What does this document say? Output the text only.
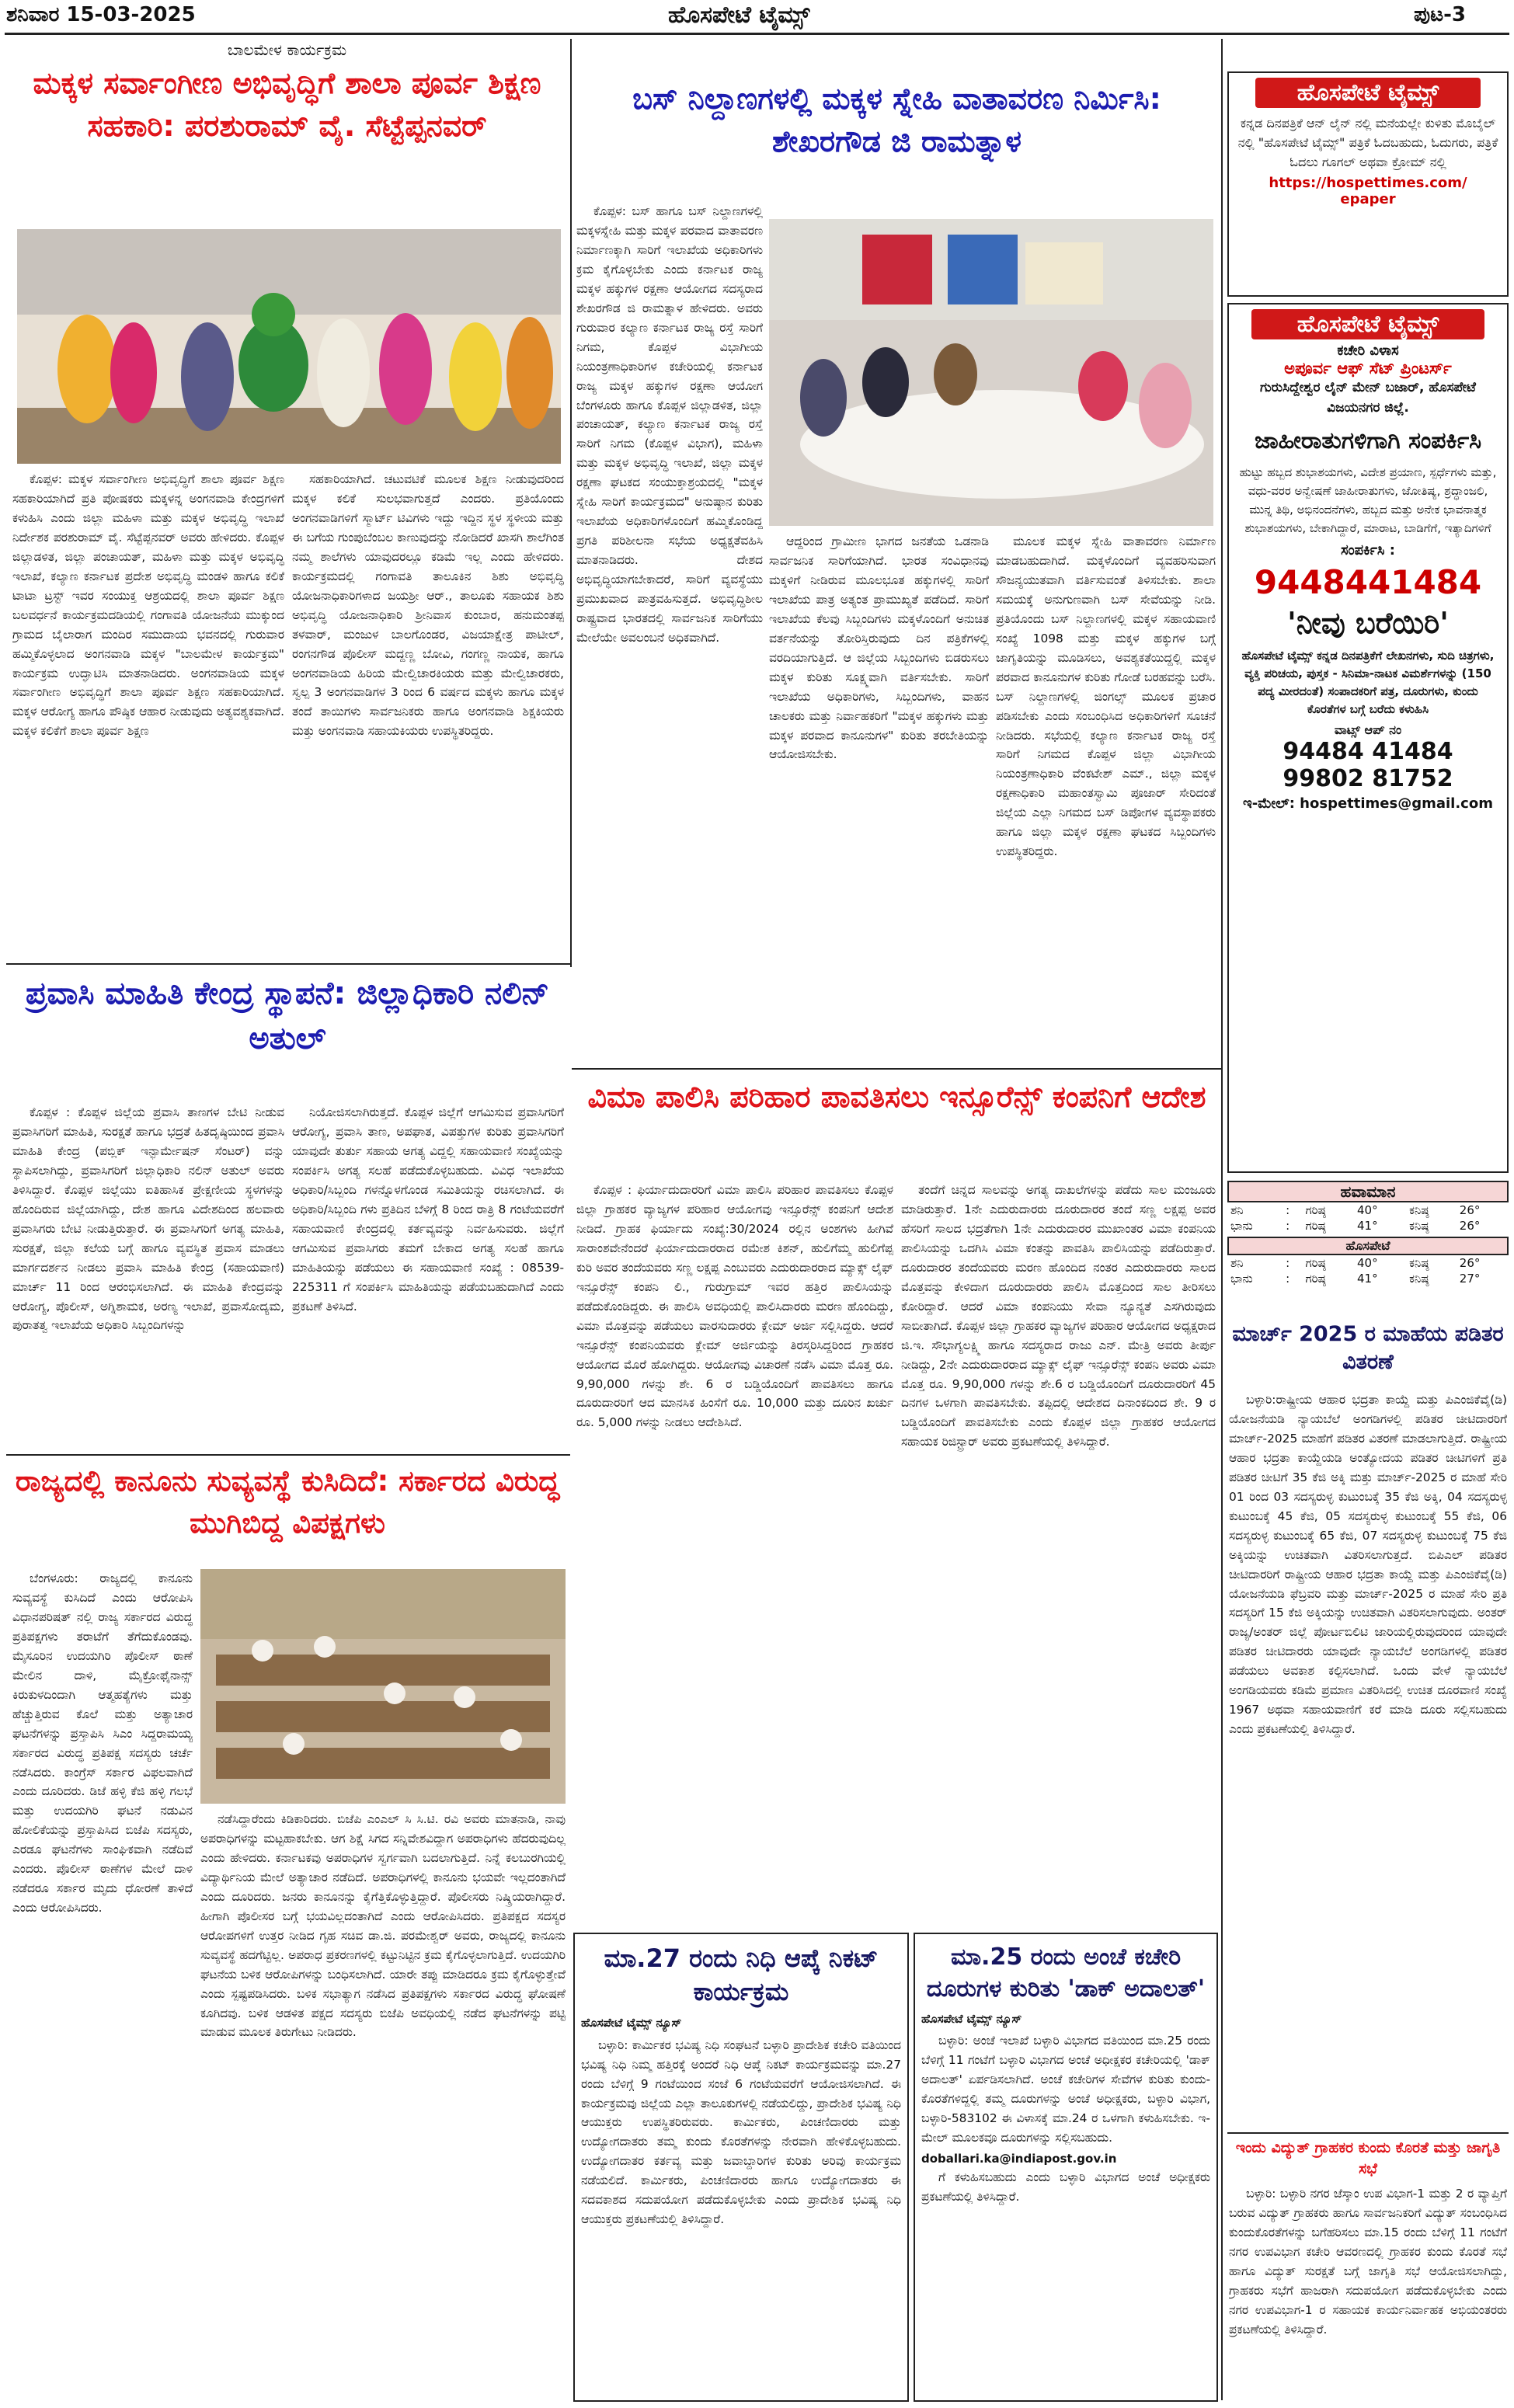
ಶನಿವಾರ 15-03-2025	ಹೊಸಪೇಟೆ ಟೈಮ್ಸ್	ಪುಟ-3
ಬಾಲಮೇಳ ಕಾರ್ಯಕ್ರಮ
ಮಕ್ಕಳ ಸರ್ವಾಂಗೀಣ ಅಭಿವೃದ್ಧಿಗೆ ಶಾಲಾ ಪೂರ್ವ ಶಿಕ್ಷಣ ಸಹಕಾರಿ: ಪರಶುರಾಮ್ ವೈ. ಸೆಟ್ಟೆಪ್ಪನವರ್

ಕೊಪ್ಪಳ: ಮಕ್ಕಳ ಸರ್ವಾಂಗೀಣ ಅಭಿವೃದ್ಧಿಗೆ ಶಾಲಾ ಪೂರ್ವ ಶಿಕ್ಷಣ ಸಹಕಾರಿಯಾಗಿದೆ ಪ್ರತಿ ಪೋಷಕರು ಮಕ್ಕಳನ್ನ ಅಂಗನವಾಡಿ ಕೇಂದ್ರಗಳಿಗೆ ಕಳುಹಿಸಿ ಎಂದು ಜಿಲ್ಲಾ ಮಹಿಳಾ ಮತ್ತು ಮಕ್ಕಳ ಅಭಿವೃದ್ಧಿ ಇಲಾಖೆ ನಿರ್ದೇಶಕ ಪರಶುರಾಮ್ ವೈ. ಸೆಟ್ಟೆಪ್ಪನವರ್ ಅವರು ಹೇಳಿದರು. ಕೊಪ್ಪಳ ಜಿಲ್ಲಾಡಳಿತ, ಜಿಲ್ಲಾ ಪಂಚಾಯತ್, ಮಹಿಳಾ ಮತ್ತು ಮಕ್ಕಳ ಅಭಿವೃದ್ಧಿ ಇಲಾಖೆ, ಕಲ್ಯಾಣ ಕರ್ನಾಟಕ ಪ್ರದೇಶ ಅಭಿವೃದ್ಧಿ ಮಂಡಳಿ ಹಾಗೂ ಕಲಿಕೆ ಟಾಟಾ ಟ್ರಸ್ಟ್ ಇವರ ಸಂಯುಕ್ತ ಆಶ್ರಯದಲ್ಲಿ ಶಾಲಾ ಪೂರ್ವ ಶಿಕ್ಷಣ ಬಲವರ್ಧನೆ ಕಾರ್ಯಕ್ರಮದಡಿಯಲ್ಲಿ ಗಂಗಾವತಿ ಯೋಜನೆಯ ಮುಕ್ಕುಂದ ಗ್ರಾಮದ ಬೈಲಾರಾಗ ಮಂದಿರ ಸಮುದಾಯ ಭವನದಲ್ಲಿ ಗುರುವಾರ ಹಮ್ಮಿಕೊಳ್ಳಲಾದ ಅಂಗನವಾಡಿ ಮಕ್ಕಳ "ಬಾಲಮೇಳ ಕಾರ್ಯಕ್ರಮ" ಕಾರ್ಯಕ್ರಮ ಉದ್ಘಾಟಿಸಿ ಮಾತನಾಡಿದರು. ಅಂಗನವಾಡಿಯ ಮಕ್ಕಳ ಸರ್ವಾಂಗೀಣ ಅಭಿವೃದ್ಧಿಗೆ ಶಾಲಾ ಪೂರ್ವ ಶಿಕ್ಷಣ ಸಹಕಾರಿಯಾಗಿದೆ. ಮಕ್ಕಳ ಆರೋಗ್ಯ ಹಾಗೂ ಪೌಷ್ಠಿಕ ಆಹಾರ ನೀಡುವುದು ಅತ್ಯವಶ್ಯಕವಾಗಿದೆ. ಮಕ್ಕಳ ಕಲಿಕೆಗೆ ಶಾಲಾ ಪೂರ್ವ ಶಿಕ್ಷಣ

ಸಹಕಾರಿಯಾಗಿದೆ. ಚಟುವಟಿಕೆ ಮೂಲಕ ಶಿಕ್ಷಣ ನೀಡುವುದರಿಂದ ಮಕ್ಕಳ ಕಲಿಕೆ ಸುಲಭವಾಗುತ್ತದೆ ಎಂದರು. ಪ್ರತಿಯೊಂದು ಅಂಗನವಾಡಿಗಳಿಗೆ ಸ್ಮಾರ್ಟ್ ಟಿವಿಗಳು ಇದ್ದು ಇದ್ದಿನ ಸ್ಥಳ ಸ್ಥಳೀಯ ಮತ್ತು ಈ ಬಗೆಯ ಗುಂಪುಬೆಂಬಲ ಕಾಣುವುದನ್ನು ನೋಡಿದರೆ ಖಾಸಗಿ ಶಾಲೆಗಿಂತ ನಮ್ಮ ಶಾಲೆಗಳು ಯಾವುದರಲ್ಲೂ ಕಡಿಮೆ ಇಲ್ಲ ಎಂದು ಹೇಳಿದರು. ಕಾರ್ಯಕ್ರಮದಲ್ಲಿ ಗಂಗಾವತಿ ತಾಲೂಕಿನ ಶಿಶು ಅಭಿವೃದ್ಧಿ ಯೋಜನಾಧಿಕಾರಿಗಳಾದ ಜಯಶ್ರೀ ಆರ್., ತಾಲೂಕು ಸಹಾಯಕ ಶಿಶು ಅಭಿವೃದ್ಧಿ ಯೋಜನಾಧಿಕಾರಿ ಶ್ರೀನಿವಾಸ ಕುಂಬಾರ, ಹನುಮಂತಪ್ಪ ತಳವಾರ್, ಮಂಜುಳ ಬಾಲಗೊಂಡರ, ವಿಜಯಾಕ್ಷೇತ್ರ ಪಾಟೀಲ್, ರಂಗನಗೌಡ ಪೊಲೀಸ್ ಮದ್ದಣ್ಣ ಬೋವಿ, ಗಂಗಣ್ಣ ನಾಯಕ, ಹಾಗೂ ಅಂಗನವಾಡಿಯ ಹಿರಿಯ ಮೇಲ್ವಿಚಾರಕಿಯರು ಮತ್ತು ಮೇಲ್ವಿಚಾರಕರು, ಸ್ವಲ್ಪ 3 ಅಂಗನವಾಡಿಗಳ 3 ರಿಂದ 6 ವರ್ಷದ ಮಕ್ಕಳು ಹಾಗೂ ಮಕ್ಕಳ ತಂದೆ ತಾಯಿಗಳು ಸಾರ್ವಜನಿಕರು ಹಾಗೂ ಅಂಗನವಾಡಿ ಶಿಕ್ಷಕಿಯರು ಮತ್ತು ಅಂಗನವಾಡಿ ಸಹಾಯಕಿಯರು ಉಪಸ್ಥಿತರಿದ್ದರು.

ಬಸ್ ನಿಲ್ದಾಣಗಳಲ್ಲಿ ಮಕ್ಕಳ ಸ್ನೇಹಿ ವಾತಾವರಣ ನಿರ್ಮಿಸಿ: ಶೇಖರಗೌಡ ಜಿ ರಾಮತ್ನಾಳ

ಕೊಪ್ಪಳ: ಬಸ್ ಹಾಗೂ ಬಸ್ ನಿಲ್ದಾಣಗಳಲ್ಲಿ ಮಕ್ಕಳಸ್ನೇಹಿ ಮತ್ತು ಮಕ್ಕಳ ಪರವಾದ ವಾತಾವರಣ ನಿರ್ಮಾಣಕ್ಕಾಗಿ ಸಾರಿಗೆ ಇಲಾಖೆಯ ಅಧಿಕಾರಿಗಳು ಕ್ರಮ ಕೈಗೊಳ್ಳಬೇಕು ಎಂದು ಕರ್ನಾಟಕ ರಾಜ್ಯ ಮಕ್ಕಳ ಹಕ್ಕುಗಳ ರಕ್ಷಣಾ ಆಯೋಗದ ಸದಸ್ಯರಾದ ಶೇಖರಗೌಡ ಜಿ ರಾಮತ್ನಾಳ ಹೇಳಿದರು. ಅವರು ಗುರುವಾರ ಕಲ್ಯಾಣ ಕರ್ನಾಟಕ ರಾಜ್ಯ ರಸ್ತೆ ಸಾರಿಗೆ ನಿಗಮ, ಕೊಪ್ಪಳ ವಿಭಾಗೀಯ ನಿಯಂತ್ರಣಾಧಿಕಾರಿಗಳ ಕಚೇರಿಯಲ್ಲಿ ಕರ್ನಾಟಕ ರಾಜ್ಯ ಮಕ್ಕಳ ಹಕ್ಕುಗಳ ರಕ್ಷಣಾ ಆಯೋಗ ಬೆಂಗಳೂರು ಹಾಗೂ ಕೊಪ್ಪಳ ಜಿಲ್ಲಾಡಳಿತ, ಜಿಲ್ಲಾ ಪಂಚಾಯತ್, ಕಲ್ಯಾಣ ಕರ್ನಾಟಕ ರಾಜ್ಯ ರಸ್ತೆ ಸಾರಿಗೆ ನಿಗಮ (ಕೊಪ್ಪಳ ವಿಭಾಗ), ಮಹಿಳಾ ಮತ್ತು ಮಕ್ಕಳ ಅಭಿವೃದ್ಧಿ ಇಲಾಖೆ, ಜಿಲ್ಲಾ ಮಕ್ಕಳ ರಕ್ಷಣಾ ಘಟಕದ ಸಂಯುಕ್ತಾಶ್ರಯದಲ್ಲಿ "ಮಕ್ಕಳ ಸ್ನೇಹಿ ಸಾರಿಗೆ ಕಾರ್ಯಕ್ರಮದ" ಅನುಷ್ಠಾನ ಕುರಿತು ಇಲಾಖೆಯ ಅಧಿಕಾರಿಗಳೊಂದಿಗೆ ಹಮ್ಮಿಕೊಂಡಿದ್ದ ಪ್ರಗತಿ ಪರಿಶೀಲನಾ ಸಭೆಯ ಅಧ್ಯಕ್ಷತೆವಹಿಸಿ ಮಾತನಾಡಿದರು. ದೇಶದ ಅಭಿವೃದ್ಧಿಯಾಗಬೇಕಾದರೆ, ಸಾರಿಗೆ ವ್ಯವಸ್ಥೆಯು ಪ್ರಮುಖವಾದ ಪಾತ್ರವಹಿಸುತ್ತದೆ. ಅಭಿವೃದ್ಧಿಶೀಲ ರಾಷ್ಟ್ರವಾದ ಭಾರತದಲ್ಲಿ ಸಾರ್ವಜನಿಕ ಸಾರಿಗೆಯು ಮೇಲೆಯೇ ಅವಲಂಬನೆ ಅಧಿಕವಾಗಿದೆ.

ಆದ್ದರಿಂದ ಗ್ರಾಮೀಣ ಭಾಗದ ಜನತೆಯ ಒಡನಾಡಿ ಸಾರ್ವಜನಿಕ ಸಾರಿಗೆಯಾಗಿದೆ. ಭಾರತ ಸಂವಿಧಾನವು ಮಕ್ಕಳಿಗೆ ನೀಡಿರುವ ಮೂಲಭೂತ ಹಕ್ಕುಗಳಲ್ಲಿ ಸಾರಿಗೆ ಇಲಾಖೆಯ ಪಾತ್ರ ಅತ್ಯಂತ ಪ್ರಾಮುಖ್ಯತೆ ಪಡೆದಿದೆ. ಸಾರಿಗೆ ಇಲಾಖೆಯ ಕೆಲವು ಸಿಬ್ಬಂದಿಗಳು ಮಕ್ಕಳೊಂದಿಗೆ ಅನುಚಿತ ವರ್ತನೆಯನ್ನು ತೋರಿಸ್ತಿರುವುದು ದಿನ ಪತ್ರಿಕೆಗಳಲ್ಲಿ ವರದಿಯಾಗುತ್ತಿದೆ. ಆ ಜಿಲ್ಲೆಯ ಸಿಬ್ಬಂದಿಗಳು ಬಿಡರುಸಲು ಮಕ್ಕಳ ಕುರಿತು ಸೂಕ್ಷ್ಮವಾಗಿ ವರ್ತಿಸಬೇಕು. ಸಾರಿಗೆ ಇಲಾಖೆಯ ಅಧಿಕಾರಿಗಳು, ಸಿಬ್ಬಂದಿಗಳು, ವಾಹನ ಚಾಲಕರು ಮತ್ತು ನಿರ್ವಾಹಕರಿಗೆ "ಮಕ್ಕಳ ಹಕ್ಕುಗಳು ಮತ್ತು ಮಕ್ಕಳ ಪರವಾದ ಕಾನೂನುಗಳ" ಕುರಿತು ತರಬೇತಿಯನ್ನು ಆಯೋಜಿಸಬೇಕು.

ಮೂಲಕ ಮಕ್ಕಳ ಸ್ನೇಹಿ ವಾತಾವರಣ ನಿರ್ಮಾಣ ಮಾಡಬಹುದಾಗಿದೆ. ಮಕ್ಕಳೊಂದಿಗೆ ವ್ಯವಹರಿಸುವಾಗ ಸೌಜನ್ಯಯುತವಾಗಿ ವರ್ತಿಸುವಂತೆ ತಿಳಿಸಬೇಕು. ಶಾಲಾ ಸಮಯಕ್ಕೆ ಅನುಗುಣವಾಗಿ ಬಸ್ ಸೇವೆಯನ್ನು ನೀಡಿ. ಪ್ರತಿಯೊಂದು ಬಸ್ ನಿಲ್ದಾಣಗಳಲ್ಲಿ ಮಕ್ಕಳ ಸಹಾಯವಾಣಿ ಸಂಖ್ಯೆ 1098 ಮತ್ತು ಮಕ್ಕಳ ಹಕ್ಕುಗಳ ಬಗ್ಗೆ ಜಾಗೃತಿಯನ್ನು ಮೂಡಿಸಲು, ಅವಶ್ಯಕತೆಯಿದ್ದಲ್ಲಿ ಮಕ್ಕಳ ಪರವಾದ ಕಾನೂನುಗಳ ಕುರಿತು ಗೋಡೆ ಬರಹವನ್ನು ಬರೆಸಿ. ಬಸ್ ನಿಲ್ದಾಣಗಳಲ್ಲಿ ಜಿಂಗಲ್ಸ್ ಮೂಲಕ ಪ್ರಚಾರ ಪಡಿಸಬೇಕು ಎಂದು ಸಂಬಂಧಿಸಿದ ಅಧಿಕಾರಿಗಳಿಗೆ ಸೂಚನೆ ನೀಡಿದರು. ಸಭೆಯಲ್ಲಿ ಕಲ್ಯಾಣ ಕರ್ನಾಟಕ ರಾಜ್ಯ ರಸ್ತೆ ಸಾರಿಗೆ ನಿಗಮದ ಕೊಪ್ಪಳ ಜಿಲ್ಲಾ ವಿಭಾಗೀಯ ನಿಯಂತ್ರಣಾಧಿಕಾರಿ ವೆಂಕಟೇಶ್ ಎಮ್., ಜಿಲ್ಲಾ ಮಕ್ಕಳ ರಕ್ಷಣಾಧಿಕಾರಿ ಮಹಾಂತಸ್ವಾಮಿ ಪೂಜಾರ್ ಸೇರಿದಂತೆ ಜಿಲ್ಲೆಯ ಎಲ್ಲಾ ನಿಗಮದ ಬಸ್ ಡಿಪೋಗಳ ವ್ಯವಸ್ಥಾಪಕರು ಹಾಗೂ ಜಿಲ್ಲಾ ಮಕ್ಕಳ ರಕ್ಷಣಾ ಘಟಕದ ಸಿಬ್ಬಂದಿಗಳು ಉಪಸ್ಥಿತರಿದ್ದರು.

ಪ್ರವಾಸಿ ಮಾಹಿತಿ ಕೇಂದ್ರ ಸ್ಥಾಪನೆ: ಜಿಲ್ಲಾಧಿಕಾರಿ ನಲಿನ್ ಅತುಲ್

ಕೊಪ್ಪಳ : ಕೊಪ್ಪಳ ಜಿಲ್ಲೆಯ ಪ್ರವಾಸಿ ತಾಣಗಳ ಬೇಟಿ ನೀಡುವ ಪ್ರವಾಸಿಗರಿಗೆ ಮಾಹಿತಿ, ಸುರಕ್ಷತೆ ಹಾಗೂ ಭದ್ರತೆ ಹಿತದೃಷ್ಠಿಯಿಂದ ಪ್ರವಾಸಿ ಮಾಹಿತಿ ಕೇಂದ್ರ (ಪಬ್ಲಿಕ್ ಇನ್ಫಾರ್ಮೇಷನ್ ಸೆಂಟರ್) ವನ್ನು ಸ್ಥಾಪಿಸಲಾಗಿದ್ದು, ಪ್ರವಾಸಿಗರಿಗೆ ಜಿಲ್ಲಾಧಿಕಾರಿ ನಲಿನ್ ಅತುಲ್ ಅವರು ತಿಳಿಸಿದ್ದಾರೆ. ಕೊಪ್ಪಳ ಜಿಲ್ಲೆಯು ಐತಿಹಾಸಿಕ ಪ್ರೇಕ್ಷಣೀಯ ಸ್ಥಳಗಳನ್ನು ಹೊಂದಿರುವ ಜಿಲ್ಲೆಯಾಗಿದ್ದು, ದೇಶ ಹಾಗೂ ವಿದೇಶದಿಂದ ಹಲವಾರು ಪ್ರವಾಸಿಗರು ಬೇಟಿ ನೀಡುತ್ತಿರುತ್ತಾರೆ. ಈ ಪ್ರವಾಸಿಗರಿಗೆ ಅಗತ್ಯ ಮಾಹಿತಿ, ಸುರಕ್ಷತೆ, ಜಿಲ್ಲಾ ಕಲೆಯ ಬಗ್ಗೆ ಹಾಗೂ ವ್ಯವಸ್ಥಿತ ಪ್ರವಾಸ ಮಾಡಲು ಮಾರ್ಗದರ್ಶನ ನೀಡಲು ಪ್ರವಾಸಿ ಮಾಹಿತಿ ಕೇಂದ್ರ (ಸಹಾಯವಾಣಿ) ಮಾರ್ಚ್ 11 ರಿಂದ ಆರಂಭಿಸಲಾಗಿದೆ. ಈ ಮಾಹಿತಿ ಕೇಂದ್ರವನ್ನು ಆರೋಗ್ಯ, ಪೊಲೀಸ್, ಅಗ್ನಿಶಾಮಕ, ಅರಣ್ಯ ಇಲಾಖೆ, ಪ್ರವಾಸೋದ್ಯಮ, ಪುರಾತತ್ವ ಇಲಾಖೆಯ ಅಧಿಕಾರಿ ಸಿಬ್ಬಂದಿಗಳನ್ನು

ನಿಯೋಜಿಸಲಾಗಿರುತ್ತದೆ. ಕೊಪ್ಪಳ ಜಿಲ್ಲೆಗೆ ಆಗಮಿಸುವ ಪ್ರವಾಸಿಗರಿಗೆ ಆರೋಗ್ಯ, ಪ್ರವಾಸಿ ತಾಣ, ಅಪಘಾತ, ವಿಪತ್ತುಗಳ ಕುರಿತು ಪ್ರವಾಸಿಗರಿಗೆ ಯಾವುದೇ ತುರ್ತು ಸಹಾಯ ಅಗತ್ಯ ವಿದ್ದಲ್ಲಿ ಸಹಾಯವಾಣಿ ಸಂಖ್ಯೆಯನ್ನು ಸಂಪರ್ಕಿಸಿ ಅಗತ್ಯ ಸಲಹೆ ಪಡೆದುಕೊಳ್ಳಬಹುದು. ವಿವಿಧ ಇಲಾಖೆಯ ಅಧಿಕಾರಿ/ಸಿಬ್ಬಂದಿ ಗಳನ್ನೊಳಗೊಂಡ ಸಮಿತಿಯನ್ನು ರಚಿಸಲಾಗಿದೆ. ಈ ಅಧಿಕಾರಿ/ಸಿಬ್ಬಂದಿ ಗಳು ಪ್ರತಿದಿನ ಬೆಳಿಗ್ಗೆ 8 ರಿಂದ ರಾತ್ರಿ 8 ಗಂಟೆಯವರೆಗೆ ಸಹಾಯವಾಣಿ ಕೇಂದ್ರದಲ್ಲಿ ಕರ್ತವ್ಯವನ್ನು ನಿರ್ವಹಿಸುವರು. ಜಿಲ್ಲೆಗೆ ಆಗಮಿಸುವ ಪ್ರವಾಸಿಗರು ತಮಗೆ ಬೇಕಾದ ಅಗತ್ಯ ಸಲಹೆ ಹಾಗೂ ಮಾಹಿತಿಯನ್ನು ಪಡೆಯಲು ಈ ಸಹಾಯವಾಣಿ ಸಂಖ್ಯೆ : 08539-225311 ಗೆ ಸಂಪರ್ಕಿಸಿ ಮಾಹಿತಿಯನ್ನು ಪಡೆಯಬಹುದಾಗಿದೆ ಎಂದು ಪ್ರಕಟಣೆ ತಿಳಿಸಿದೆ.

ರಾಜ್ಯದಲ್ಲಿ ಕಾನೂನು ಸುವ್ಯವಸ್ಥೆ ಕುಸಿದಿದೆ: ಸರ್ಕಾರದ ವಿರುದ್ಧ ಮುಗಿಬಿದ್ದ ವಿಪಕ್ಷಗಳು

ಬೆಂಗಳೂರು: ರಾಜ್ಯದಲ್ಲಿ ಕಾನೂನು ಸುವ್ಯವಸ್ಥೆ ಕುಸಿದಿದೆ ಎಂದು ಆರೋಪಿಸಿ ವಿಧಾನಪರಿಷತ್ ನಲ್ಲಿ ರಾಜ್ಯ ಸರ್ಕಾರದ ವಿರುದ್ಧ ಪ್ರತಿಪಕ್ಷಗಳು ತರಾಟೆಗೆ ತೆಗೆದುಕೊಂಡವು. ಮೈಸೂರಿನ ಉದಯಗಿರಿ ಪೊಲೀಸ್ ಠಾಣೆ ಮೇಲಿನ ದಾಳಿ, ಮೈಕ್ರೋಫೈನಾನ್ಸ್ ಕಿರುಕುಳದಿಂದಾಗಿ ಆತ್ಮಹತ್ಯೆಗಳು ಮತ್ತು ಹೆಚ್ಚುತ್ತಿರುವ ಕೊಲೆ ಮತ್ತು ಅತ್ಯಾಚಾರ ಘಟನೆಗಳನ್ನು ಪ್ರಸ್ತಾಪಿಸಿ ಸಿಎಂ ಸಿದ್ದರಾಮಯ್ಯ ಸರ್ಕಾರದ ವಿರುದ್ಧ ಪ್ರತಿಪಕ್ಷ ಸದಸ್ಯರು ಚರ್ಚೆ ನಡೆಸಿದರು. ಕಾಂಗ್ರೆಸ್ ಸರ್ಕಾರ ವಿಫಲವಾಗಿದೆ ಎಂದು ದೂರಿದರು. ಡಿಜೆ ಹಳ್ಳಿ ಕೆಜಿ ಹಳ್ಳಿ ಗಲಭೆ ಮತ್ತು ಉದಯಗಿರಿ ಘಟನೆ ನಡುವಿನ ಹೋಲಿಕೆಯನ್ನು ಪ್ರಸ್ತಾಪಿಸಿದ ಬಿಜೆಪಿ ಸದಸ್ಯರು, ಎರಡೂ ಘಟನೆಗಳು ಸಾಂಘಿಕವಾಗಿ ನಡೆದಿವೆ ಎಂದರು. ಪೊಲೀಸ್ ಠಾಣೆಗಳ ಮೇಲೆ ದಾಳಿ ನಡೆದರೂ ಸರ್ಕಾರ ಮೃದು ಧೋರಣೆ ತಾಳಿದೆ ಎಂದು ಆರೋಪಿಸಿದರು.

ನಡೆಸಿದ್ದಾರೆಂದು ಕಿಡಿಕಾರಿದರು. ಬಿಜೆಪಿ ಎಂಎಲ್ ಸಿ ಸಿ.ಟಿ. ರವಿ ಅವರು ಮಾತನಾಡಿ, ನಾವು ಅಪರಾಧಿಗಳನ್ನು ಮಟ್ಟಹಾಕಬೇಕು. ಆಗ ಶಿಕ್ಷೆ ಸಿಗದ ಸನ್ನಿವೇಶವಿದ್ದಾಗ ಅಪರಾಧಿಗಳು ಹೆದರುವುದಿಲ್ಲ ಎಂದು ಹೇಳಿದರು. ಕರ್ನಾಟಕವು ಅಪರಾಧಿಗಳ ಸ್ವರ್ಗವಾಗಿ ಬದಲಾಗುತ್ತಿದೆ. ನಿನ್ನೆ ಕಲಬುರಗಿಯಲ್ಲಿ ವಿದ್ಯಾರ್ಥಿನಿಯ ಮೇಲೆ ಅತ್ಯಾಚಾರ ನಡೆದಿದೆ. ಅಪರಾಧಿಗಳಲ್ಲಿ ಕಾನೂನು ಭಯವೇ ಇಲ್ಲದಂತಾಗಿದೆ ಎಂದು ದೂರಿದರು. ಜನರು ಕಾನೂನನ್ನು ಕೈಗೆತ್ತಿಕೊಳ್ಳುತ್ತಿದ್ದಾರೆ. ಪೊಲೀಸರು ನಿಷ್ಕ್ರಿಯರಾಗಿದ್ದಾರೆ. ಹೀಗಾಗಿ ಪೊಲೀಸರ ಬಗ್ಗೆ ಭಯವಿಲ್ಲದಂತಾಗಿದೆ ಎಂದು ಆರೋಪಿಸಿದರು. ಪ್ರತಿಪಕ್ಷದ ಸದಸ್ಯರ ಆರೋಪಗಳಿಗೆ ಉತ್ತರ ನೀಡಿದ ಗೃಹ ಸಚಿವ ಡಾ.ಜಿ. ಪರಮೇಶ್ವರ್ ಅವರು, ರಾಜ್ಯದಲ್ಲಿ ಕಾನೂನು ಸುವ್ಯವಸ್ಥೆ ಹದಗೆಟ್ಟಿಲ್ಲ. ಅಪರಾಧ ಪ್ರಕರಣಗಳಲ್ಲಿ ಕಟ್ಟುನಿಟ್ಟಿನ ಕ್ರಮ ಕೈಗೊಳ್ಳಲಾಗುತ್ತಿದೆ. ಉದಯಗಿರಿ ಘಟನೆಯ ಬಳಿಕ ಆರೋಪಿಗಳನ್ನು ಬಂಧಿಸಲಾಗಿದೆ. ಯಾರೇ ತಪ್ಪು ಮಾಡಿದರೂ ಕ್ರಮ ಕೈಗೊಳ್ಳುತ್ತೇವೆ ಎಂದು ಸ್ಪಷ್ಟಪಡಿಸಿದರು. ಬಳಿಕ ಸಭಾತ್ಯಾಗ ನಡೆಸಿದ ಪ್ರತಿಪಕ್ಷಗಳು ಸರ್ಕಾರದ ವಿರುದ್ಧ ಘೋಷಣೆ ಕೂಗಿದವು. ಬಳಿಕ ಆಡಳಿತ ಪಕ್ಷದ ಸದಸ್ಯರು ಬಿಜೆಪಿ ಅವಧಿಯಲ್ಲಿ ನಡೆದ ಘಟನೆಗಳನ್ನು ಪಟ್ಟಿ ಮಾಡುವ ಮೂಲಕ ತಿರುಗೇಟು ನೀಡಿದರು.

ವಿಮಾ ಪಾಲಿಸಿ ಪರಿಹಾರ ಪಾವತಿಸಲು ಇನ್ಸೂರೆನ್ಸ್ ಕಂಪನಿಗೆ ಆದೇಶ

ಕೊಪ್ಪಳ : ಫಿರ್ಯಾದುದಾರರಿಗೆ ವಿಮಾ ಪಾಲಿಸಿ ಪರಿಹಾರ ಪಾವತಿಸಲು ಕೊಪ್ಪಳ ಜಿಲ್ಲಾ ಗ್ರಾಹಕರ ವ್ಯಾಜ್ಯಗಳ ಪರಿಹಾರ ಆಯೋಗವು ಇನ್ಸೂರೆನ್ಸ್ ಕಂಪನಿಗೆ ಆದೇಶ ನೀಡಿದೆ. ಗ್ರಾಹಕ ಫಿರ್ಯಾದು ಸಂಖ್ಯೆ:30/2024 ರಲ್ಲಿನ ಅಂಶಗಳು ಹೀಗಿವೆ ಸಾರಾಂಶವೇನೆಂದರೆ ಫಿರ್ಯಾದುದಾರರಾದ ರಮೇಶ ಕಿಶನ್, ಹುಲಿಗೆಮ್ಮ ಹುಲಿಗೆಪ್ಪ ಕುರಿ ಅವರ ತಂದೆಯವರು ಸಣ್ಣ ಲಕ್ಷಪ್ಪ ಎಂಬುವರು ಎದುರುದಾರರಾದ ಮ್ಯಾಕ್ಸ್ ಲೈಫ್ ಇನ್ಸೂರೆನ್ಸ್ ಕಂಪನಿ ಲಿ., ಗುರುಗ್ರಾಮ್ ಇವರ ಹತ್ತಿರ ಪಾಲಿಸಿಯನ್ನು ಪಡೆದುಕೊಂಡಿದ್ದರು. ಈ ಪಾಲಿಸಿ ಅವಧಿಯಲ್ಲಿ ಪಾಲಿಸಿದಾರರು ಮರಣ ಹೊಂದಿದ್ದು, ವಿಮಾ ಮೊತ್ತವನ್ನು ಪಡೆಯಲು ವಾರಸುದಾರರು ಕ್ಲೇಮ್ ಅರ್ಜಿ ಸಲ್ಲಿಸಿದ್ದರು. ಆದರೆ ಇನ್ಸೂರೆನ್ಸ್ ಕಂಪನಿಯವರು ಕ್ಲೇಮ್ ಅರ್ಜಿಯನ್ನು ತಿರಸ್ಕರಿಸಿದ್ದರಿಂದ ಗ್ರಾಹಕರ ಆಯೋಗದ ಮೊರೆ ಹೋಗಿದ್ದರು. ಆಯೋಗವು ವಿಚಾರಣೆ ನಡೆಸಿ ವಿಮಾ ಮೊತ್ತ ರೂ. 9,90,000 ಗಳನ್ನು ಶೇ. 6 ರ ಬಡ್ಡಿಯೊಂದಿಗೆ ಪಾವತಿಸಲು ಹಾಗೂ ದೂರುದಾರರಿಗೆ ಆದ ಮಾನಸಿಕ ಹಿಂಸೆಗೆ ರೂ. 10,000 ಮತ್ತು ದೂರಿನ ಖರ್ಚು ರೂ. 5,000 ಗಳನ್ನು ನೀಡಲು ಆದೇಶಿಸಿದೆ.

ತಂದೆಗೆ ಚಿನ್ನದ ಸಾಲವನ್ನು ಅಗತ್ಯ ದಾಖಲೆಗಳನ್ನು ಪಡೆದು ಸಾಲ ಮಂಜೂರು ಮಾಡಿರುತ್ತಾರೆ. 1ನೇ ಎದುರುದಾರರು ದೂರುದಾರರ ತಂದೆ ಸಣ್ಣ ಲಕ್ಷಪ್ಪ ಅವರ ಹೆಸರಿಗೆ ಸಾಲದ ಭದ್ರತೆಗಾಗಿ 1ನೇ ಎದುರುದಾರರ ಮುಖಾಂತರ ವಿಮಾ ಕಂಪನಿಯ ಪಾಲಿಸಿಯನ್ನು ಒದಗಿಸಿ ವಿಮಾ ಕಂತನ್ನು ಪಾವತಿಸಿ ಪಾಲಿಸಿಯನ್ನು ಪಡೆದಿರುತ್ತಾರೆ. ದೂರುದಾರರ ತಂದೆಯವರು ಮರಣ ಹೊಂದಿದ ನಂತರ ಎದುರುದಾರರು ಸಾಲದ ಮೊತ್ತವನ್ನು ಕೇಳಿದಾಗ ದೂರುದಾರರು ಪಾಲಿಸಿ ಮೊತ್ತದಿಂದ ಸಾಲ ತೀರಿಸಲು ಕೋರಿದ್ದಾರೆ. ಆದರೆ ವಿಮಾ ಕಂಪನಿಯು ಸೇವಾ ನ್ಯೂನ್ಯತೆ ಎಸಗಿರುವುದು ಸಾಬೀತಾಗಿದೆ. ಕೊಪ್ಪಳ ಜಿಲ್ಲಾ ಗ್ರಾಹಕರ ವ್ಯಾಜ್ಯಗಳ ಪರಿಹಾರ ಆಯೋಗದ ಅಧ್ಯಕ್ಷರಾದ ಜಿ.ಇ. ಸೌಭಾಗ್ಯಲಕ್ಷ್ಮಿ ಹಾಗೂ ಸದಸ್ಯರಾದ ರಾಜು ಎನ್. ಮೇತ್ರಿ ಅವರು ತೀರ್ಪು ನೀಡಿದ್ದು, 2ನೇ ಎದುರುದಾರರಾದ ಮ್ಯಾಕ್ಸ್ ಲೈಫ್ ಇನ್ಸೂರೆನ್ಸ್ ಕಂಪನಿ ಅವರು ವಿಮಾ ಮೊತ್ತ ರೂ. 9,90,000 ಗಳನ್ನು ಶೇ.6 ರ ಬಡ್ಡಿಯೊಂದಿಗೆ ದೂರುದಾರರಿಗೆ 45 ದಿನಗಳ ಒಳಗಾಗಿ ಪಾವತಿಸಬೇಕು. ತಪ್ಪಿದಲ್ಲಿ ಆದೇಶದ ದಿನಾಂಕದಿಂದ ಶೇ. 9 ರ ಬಡ್ಡಿಯೊಂದಿಗೆ ಪಾವತಿಸಬೇಕು ಎಂದು ಕೊಪ್ಪಳ ಜಿಲ್ಲಾ ಗ್ರಾಹಕರ ಆಯೋಗದ ಸಹಾಯಕ ರಿಜಿಸ್ಟ್ರಾರ್ ಅವರು ಪ್ರಕಟಣೆಯಲ್ಲಿ ತಿಳಿಸಿದ್ದಾರೆ.

ಮಾ.27 ರಂದು ನಿಧಿ ಆಪ್ಕೆ ನಿಕಟ್ ಕಾರ್ಯಕ್ರಮ
ಹೊಸಪೇಟೆ ಟೈಮ್ಸ್ ನ್ಯೂಸ್

ಬಳ್ಳಾರಿ: ಕಾರ್ಮಿಕರ ಭವಿಷ್ಯ ನಿಧಿ ಸಂಘಟನೆ ಬಳ್ಳಾರಿ ಪ್ರಾದೇಶಿಕ ಕಚೇರಿ ವತಿಯಿಂದ ಭವಿಷ್ಯ ನಿಧಿ ನಿಮ್ಮ ಹತ್ತಿರಕ್ಕೆ ಅಂದರೆ ನಿಧಿ ಆಪ್ಕೆ ನಿಕಟ್ ಕಾರ್ಯಕ್ರಮವನ್ನು ಮಾ.27 ರಂದು ಬೆಳಿಗ್ಗೆ 9 ಗಂಟೆಯಿಂದ ಸಂಜೆ 6 ಗಂಟೆಯವರೆಗೆ ಆಯೋಜಿಸಲಾಗಿದೆ. ಈ ಕಾರ್ಯಕ್ರಮವು ಜಿಲ್ಲೆಯ ಎಲ್ಲಾ ತಾಲೂಕುಗಳಲ್ಲಿ ನಡೆಯಲಿದ್ದು, ಪ್ರಾದೇಶಿಕ ಭವಿಷ್ಯ ನಿಧಿ ಆಯುಕ್ತರು ಉಪಸ್ಥಿತರಿರುವರು. ಕಾರ್ಮಿಕರು, ಪಿಂಚಣಿದಾರರು ಮತ್ತು ಉದ್ಯೋಗದಾತರು ತಮ್ಮ ಕುಂದು ಕೊರತೆಗಳನ್ನು ನೇರವಾಗಿ ಹೇಳಿಕೊಳ್ಳಬಹುದು. ಉದ್ಯೋಗದಾತರ ಕರ್ತವ್ಯ ಮತ್ತು ಜವಾಬ್ದಾರಿಗಳ ಕುರಿತು ಅರಿವು ಕಾರ್ಯಕ್ರಮ ನಡೆಯಲಿದೆ. ಕಾರ್ಮಿಕರು, ಪಿಂಚಣಿದಾರರು ಹಾಗೂ ಉದ್ಯೋಗದಾತರು ಈ ಸದವಕಾಶದ ಸದುಪಯೋಗ ಪಡೆದುಕೊಳ್ಳಬೇಕು ಎಂದು ಪ್ರಾದೇಶಿಕ ಭವಿಷ್ಯ ನಿಧಿ ಆಯುಕ್ತರು ಪ್ರಕಟಣೆಯಲ್ಲಿ ತಿಳಿಸಿದ್ದಾರೆ.

ಮಾ.25 ರಂದು ಅಂಚೆ ಕಚೇರಿ ದೂರುಗಳ ಕುರಿತು 'ಡಾಕ್ ಅದಾಲತ್'
ಹೊಸಪೇಟೆ ಟೈಮ್ಸ್ ನ್ಯೂಸ್

ಬಳ್ಳಾರಿ: ಅಂಚೆ ಇಲಾಖೆ ಬಳ್ಳಾರಿ ವಿಭಾಗದ ವತಿಯಿಂದ ಮಾ.25 ರಂದು ಬೆಳಿಗ್ಗೆ 11 ಗಂಟೆಗೆ ಬಳ್ಳಾರಿ ವಿಭಾಗದ ಅಂಚೆ ಅಧೀಕ್ಷಕರ ಕಚೇರಿಯಲ್ಲಿ 'ಡಾಕ್ ಅದಾಲತ್' ಏರ್ಪಡಿಸಲಾಗಿದೆ. ಅಂಚೆ ಕಚೇರಿಗಳ ಸೇವೆಗಳ ಕುರಿತು ಕುಂದು-ಕೊರತೆಗಳಿದ್ದಲ್ಲಿ ತಮ್ಮ ದೂರುಗಳನ್ನು ಅಂಚೆ ಅಧೀಕ್ಷಕರು, ಬಳ್ಳಾರಿ ವಿಭಾಗ, ಬಳ್ಳಾರಿ-583102 ಈ ವಿಳಾಸಕ್ಕೆ ಮಾ.24 ರ ಒಳಗಾಗಿ ಕಳುಹಿಸಬೇಕು. ಇ-ಮೇಲ್ ಮೂಲಕವೂ ದೂರುಗಳನ್ನು ಸಲ್ಲಿಸಬಹುದು.

doballari.ka@indiapost.gov.in

ಗೆ ಕಳುಹಿಸಬಹುದು ಎಂದು ಬಳ್ಳಾರಿ ವಿಭಾಗದ ಅಂಚೆ ಅಧೀಕ್ಷಕರು ಪ್ರಕಟಣೆಯಲ್ಲಿ ತಿಳಿಸಿದ್ದಾರೆ.

ಹೊಸಪೇಟೆ ಟೈಮ್ಸ್
ಕನ್ನಡ ದಿನಪತ್ರಿಕೆ ಆನ್ ಲೈನ್ ನಲ್ಲಿ ಮನೆಯಲ್ಲೇ ಕುಳಿತು ಮೊಬೈಲ್ ನಲ್ಲಿ "ಹೊಸಪೇಟೆ ಟೈಮ್ಸ್" ಪತ್ರಿಕೆ ಓದಬಹುದು, ಓದುಗರು, ಪತ್ರಿಕೆ ಓದಲು ಗೂಗಲ್ ಅಥವಾ ಕ್ರೋಮ್ ನಲ್ಲಿ
https://hospettimes.com/
epaper
ಹೊಸಪೇಟೆ ಟೈಮ್ಸ್
ಕಚೇರಿ ವಿಳಾಸ
ಅಪೂರ್ವ ಆಫ್ ಸೆಟ್ ಪ್ರಿಂಟರ್ಸ್
ಗುರುಸಿದ್ದೇಶ್ವರ ಲೈನ್ ಮೇನ್ ಬಜಾರ್, ಹೊಸಪೇಟೆ ವಿಜಯನಗರ ಜಿಲ್ಲೆ.
ಜಾಹೀರಾತುಗಳಿಗಾಗಿ ಸಂಪರ್ಕಿಸಿ
ಹುಟ್ಟು ಹಬ್ಬದ ಶುಭಾಶಯಗಳು, ವಿದೇಶ ಪ್ರಯಾಣ, ಸ್ಪರ್ಧೆಗಳು ಮತ್ತು, ವಧು-ವರರ ಅನ್ವೇಷಣೆ ಜಾಹೀರಾತುಗಳು, ಜೋತಿಷ್ಯ, ಶ್ರದ್ಧಾಂಜಲಿ, ಮುನ್ನ ತಿಥಿ, ಅಭಿನಂದನೆಗಳು, ಹಬ್ಬದ ಮತ್ತು ಅನೇಕ ಭಾವನಾತ್ಮಕ ಶುಭಾಶಯಗಳು, ಬೇಕಾಗಿದ್ದಾರೆ, ಮಾರಾಟ, ಬಾಡಿಗೆಗೆ, ಇತ್ಯಾದಿಗಳಿಗೆ
ಸಂಪರ್ಕಿಸಿ :
9448441484
'ನೀವು ಬರೆಯಿರಿ'
ಹೊಸಪೇಟೆ ಟೈಮ್ಸ್ ಕನ್ನಡ ದಿನಪತ್ರಿಕೆಗೆ ಲೇಖನಗಳು, ಸುದಿ ಚಿತ್ರಗಳು, ವ್ಯಕ್ತಿ ಪರಿಚಯ, ಪುಸ್ತಕ - ಸಿನಿಮಾ-ನಾಟಕ ವಿಮರ್ಶೆಗಳನ್ನು (150 ಪದ್ಯ ಮೀರದಂತೆ) ಸಂಪಾದಕರಿಗೆ ಪತ್ರ, ದೂರುಗಳು, ಕುಂದು ಕೊರತೆಗಳ ಬಗ್ಗೆ ಬರೆದು ಕಳುಹಿಸಿ
ವಾಟ್ಸ್ ಆಪ್ ನಂ
94484 41484
99802 81752
ಇ-ಮೇಲ್: hospettimes@gmail.com
ಹವಾಮಾನ
ಶನಿ	:	ಗರಿಷ್ಠ	40°	ಕನಿಷ್ಠ	26°
ಭಾನು	:	ಗರಿಷ್ಠ	41°	ಕನಿಷ್ಠ	26°
ಹೊಸಪೇಟೆ
ಶನಿ	:	ಗರಿಷ್ಠ	40°	ಕನಿಷ್ಠ	26°
ಭಾನು	:	ಗರಿಷ್ಠ	41°	ಕನಿಷ್ಠ	27°
ಮಾರ್ಚ್ 2025 ರ ಮಾಹೆಯ ಪಡಿತರ ವಿತರಣೆ

ಬಳ್ಳಾರಿ:ರಾಷ್ಟ್ರೀಯ ಆಹಾರ ಭದ್ರತಾ ಕಾಯ್ದೆ ಮತ್ತು ಪಿಎಂಜಿಕೆವೈ(ಡಿ) ಯೋಜನೆಯಡಿ ನ್ಯಾಯಬೆಲೆ ಅಂಗಡಿಗಳಲ್ಲಿ ಪಡಿತರ ಚೀಟಿದಾರರಿಗೆ ಮಾರ್ಚ್-2025 ಮಾಹೆಗೆ ಪಡಿತರ ವಿತರಣೆ ಮಾಡಲಾಗುತ್ತಿದೆ. ರಾಷ್ಟ್ರೀಯ ಆಹಾರ ಭದ್ರತಾ ಕಾಯ್ದೆಯಡಿ ಅಂತ್ಯೋದಯ ಪಡಿತರ ಚೀಟಿಗಳಿಗೆ ಪ್ರತಿ ಪಡಿತರ ಚೀಟಿಗೆ 35 ಕೆಜಿ ಅಕ್ಕಿ ಮತ್ತು ಮಾರ್ಚ್-2025 ರ ಮಾಹೆ ಸೇರಿ 01 ರಿಂದ 03 ಸದಸ್ಯರುಳ್ಳ ಕುಟುಂಬಕ್ಕೆ 35 ಕೆಜಿ ಅಕ್ಕಿ, 04 ಸದಸ್ಯರುಳ್ಳ ಕುಟುಂಬಕ್ಕೆ 45 ಕೆಜಿ, 05 ಸದಸ್ಯರುಳ್ಳ ಕುಟುಂಬಕ್ಕೆ 55 ಕೆಜಿ, 06 ಸದಸ್ಯರುಳ್ಳ ಕುಟುಂಬಕ್ಕೆ 65 ಕೆಜಿ, 07 ಸದಸ್ಯರುಳ್ಳ ಕುಟುಂಬಕ್ಕೆ 75 ಕೆಜಿ ಅಕ್ಕಿಯನ್ನು ಉಚಿತವಾಗಿ ವಿತರಿಸಲಾಗುತ್ತದೆ. ಬಿಪಿಎಲ್ ಪಡಿತರ ಚೀಟಿದಾರರಿಗೆ ರಾಷ್ಟ್ರೀಯ ಆಹಾರ ಭದ್ರತಾ ಕಾಯ್ದೆ ಮತ್ತು ಪಿಎಂಜಿಕೆವೈ(ಡಿ) ಯೋಜನೆಯಡಿ ಫೆಬ್ರವರಿ ಮತ್ತು ಮಾರ್ಚ್-2025 ರ ಮಾಹೆ ಸೇರಿ ಪ್ರತಿ ಸದಸ್ಯರಿಗೆ 15 ಕೆಜಿ ಅಕ್ಕಿಯನ್ನು ಉಚಿತವಾಗಿ ವಿತರಿಸಲಾಗುವುದು. ಅಂತರ್ ರಾಜ್ಯ/ಅಂತರ್ ಜಿಲ್ಲೆ ಪೋರ್ಟಬಿಲಿಟಿ ಜಾರಿಯಲ್ಲಿರುವುದರಿಂದ ಯಾವುದೇ ಪಡಿತರ ಚೀಟಿದಾರರು ಯಾವುದೇ ನ್ಯಾಯಬೆಲೆ ಅಂಗಡಿಗಳಲ್ಲಿ ಪಡಿತರ ಪಡೆಯಲು ಅವಕಾಶ ಕಲ್ಪಿಸಲಾಗಿದೆ. ಒಂದು ವೇಳೆ ನ್ಯಾಯಬೆಲೆ ಅಂಗಡಿಯವರು ಕಡಿಮೆ ಪ್ರಮಾಣ ವಿತರಿಸಿದಲ್ಲಿ ಉಚಿತ ದೂರವಾಣಿ ಸಂಖ್ಯೆ 1967 ಅಥವಾ ಸಹಾಯವಾಣಿಗೆ ಕರೆ ಮಾಡಿ ದೂರು ಸಲ್ಲಿಸಬಹುದು ಎಂದು ಪ್ರಕಟಣೆಯಲ್ಲಿ ತಿಳಿಸಿದ್ದಾರೆ.

ಇಂದು ವಿದ್ಯುತ್ ಗ್ರಾಹಕರ ಕುಂದು ಕೊರತೆ ಮತ್ತು ಜಾಗೃತಿ ಸಭೆ

ಬಳ್ಳಾರಿ: ಬಳ್ಳಾರಿ ನಗರ ಜೆಸ್ಕಾಂ ಉಪ ವಿಭಾಗ-1 ಮತ್ತು 2 ರ ವ್ಯಾಪ್ತಿಗೆ ಬರುವ ವಿದ್ಯುತ್ ಗ್ರಾಹಕರು ಹಾಗೂ ಸಾರ್ವಜನಿಕರಿಗೆ ವಿದ್ಯುತ್ ಸಂಬಂಧಿಸಿದ ಕುಂದುಕೊರತೆಗಳನ್ನು ಬಗೆಹರಿಸಲು ಮಾ.15 ರಂದು ಬೆಳಿಗ್ಗೆ 11 ಗಂಟೆಗೆ ನಗರ ಉಪವಿಭಾಗ ಕಚೇರಿ ಆವರಣದಲ್ಲಿ ಗ್ರಾಹಕರ ಕುಂದು ಕೊರತೆ ಸಭೆ ಹಾಗೂ ವಿದ್ಯುತ್ ಸುರಕ್ಷತೆ ಬಗ್ಗೆ ಜಾಗೃತಿ ಸಭೆ ಆಯೋಜಿಸಲಾಗಿದ್ದು, ಗ್ರಾಹಕರು ಸಭೆಗೆ ಹಾಜರಾಗಿ ಸದುಪಯೋಗ ಪಡೆದುಕೊಳ್ಳಬೇಕು ಎಂದು ನಗರ ಉಪವಿಭಾಗ-1 ರ ಸಹಾಯಕ ಕಾರ್ಯನಿರ್ವಾಹಕ ಅಭಿಯಂತರರು ಪ್ರಕಟಣೆಯಲ್ಲಿ ತಿಳಿಸಿದ್ದಾರೆ.
